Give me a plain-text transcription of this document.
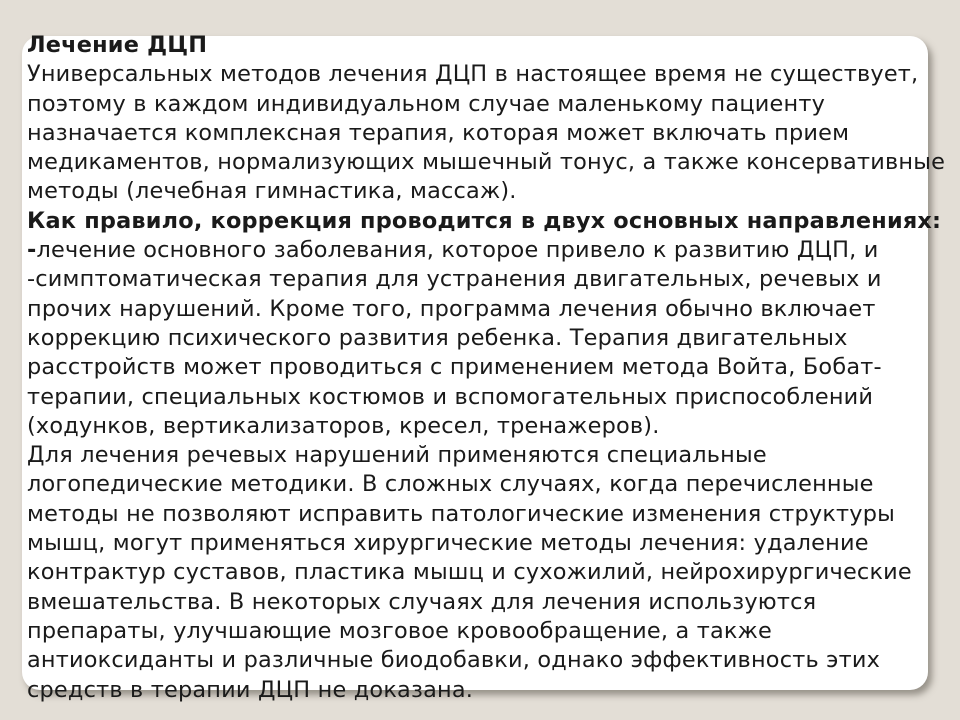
Лечение ДЦП

Универсальных методов лечения ДЦП в настоящее время не существует, поэтому в каждом индивидуальном случае маленькому пациенту назначается комплексная терапия, которая может включать прием медикаментов, нормализующих мышечный тонус, а также консервативные методы (лечебная гимнастика, массаж).

Как правило, коррекция проводится в двух основных направлениях: -лечение основного заболевания, которое привело к развитию ДЦП, и -симптоматическая терапия для устранения двигательных, речевых и прочих нарушений. Кроме того, программа лечения обычно включает коррекцию психического развития ребенка. Терапия двигательных расстройств может проводиться с применением метода Войта, Бобат-терапии, специальных костюмов и вспомогательных приспособлений (ходунков, вертикализаторов, кресел, тренажеров).

Для лечения речевых нарушений применяются специальные логопедические методики. В сложных случаях, когда перечисленные методы не позволяют исправить патологические изменения структуры мышц, могут применяться хирургические методы лечения: удаление контрактур суставов, пластика мышц и сухожилий, нейрохирургические вмешательства. В некоторых случаях для лечения используются препараты, улучшающие мозговое кровообращение, а также антиоксиданты и различные биодобавки, однако эффективность этих средств в терапии ДЦП не доказана.
